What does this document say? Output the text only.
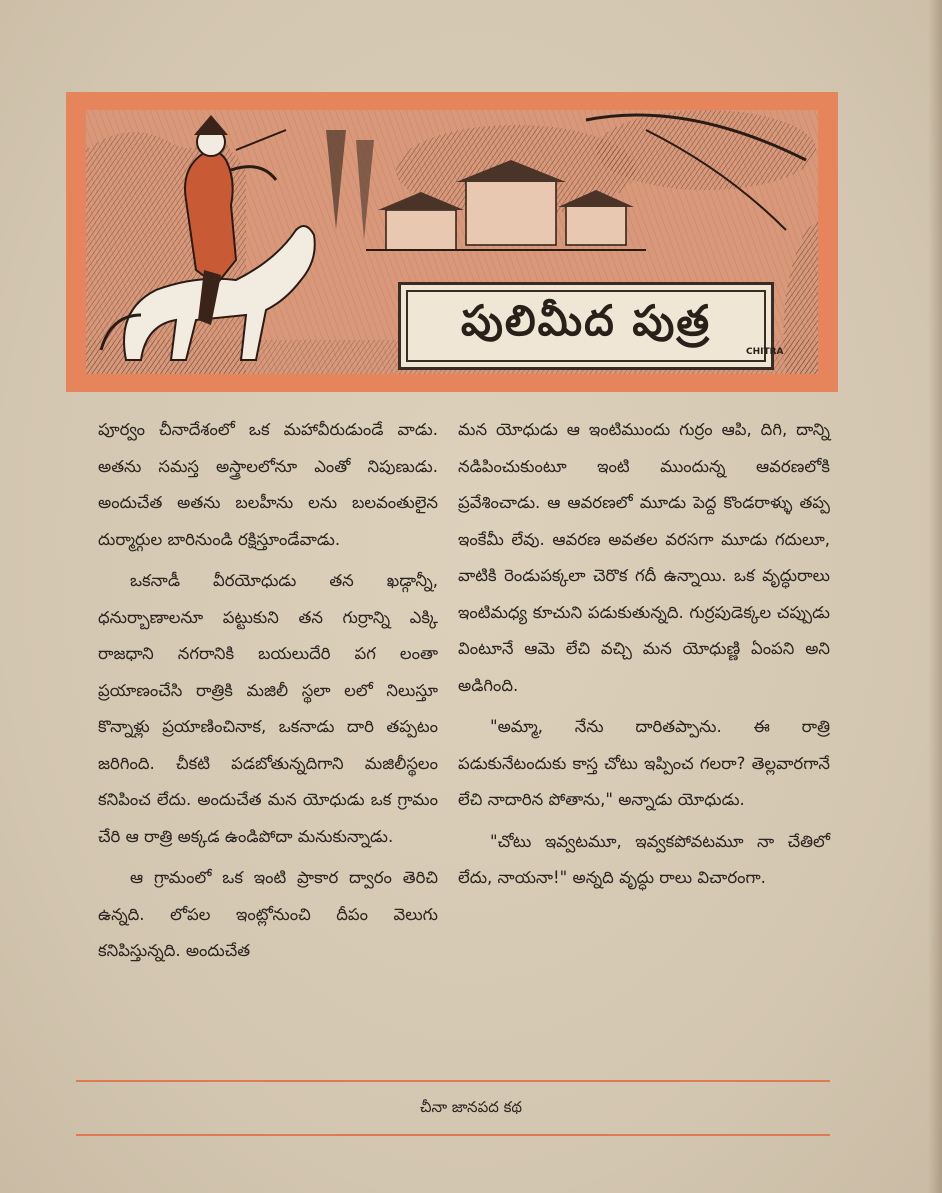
పులిమీద పుత్ర
CHITRA

పూర్వం చీనాదేశంలో ఒక మహావీరుడుండే వాడు. అతను సమస్త అస్త్రాలలోనూ ఎంతో నిపుణుడు. అందుచేత అతను బలహీను లను బలవంతులైన దుర్మార్గుల బారినుండి రక్షిస్తూండేవాడు.

ఒకనాడీ వీరయోధుడు తన ఖడ్గాన్నీ, ధనుర్బాణాలనూ పట్టుకుని తన గుర్రాన్ని ఎక్కి రాజధాని నగరానికి బయలుదేరి పగ లంతా ప్రయాణంచేసి రాత్రికి మజిలీ స్థలా లలో నిలుస్తూ కొన్నాళ్లు ప్రయాణించినాక, ఒకనాడు దారి తప్పటం జరిగింది. చీకటి పడబోతున్నదిగాని మజిలీస్థలం కనిపించ లేదు. అందుచేత మన యోధుడు ఒక గ్రామం చేరి ఆ రాత్రి అక్కడ ఉండిపోదా మనుకున్నాడు.

ఆ గ్రామంలో ఒక ఇంటి ప్రాకార ద్వారం తెరిచి ఉన్నది. లోపల ఇంట్లోనుంచి దీపం వెలుగు కనిపిస్తున్నది. అందుచేత

మన యోధుడు ఆ ఇంటిముందు గుర్రం ఆపి, దిగి, దాన్ని నడిపించుకుంటూ ఇంటి ముందున్న ఆవరణలోకి ప్రవేశించాడు. ఆ ఆవరణలో మూడు పెద్ద కొండరాళ్ళు తప్ప ఇంకేమీ లేవు. ఆవరణ అవతల వరసగా మూడు గదులూ, వాటికి రెండుపక్కలా చెరొక గదీ ఉన్నాయి. ఒక వృద్ధురాలు ఇంటిమధ్య కూచుని పడుకుతున్నది. గుర్రపుడెక్కల చప్పుడు వింటూనే ఆమె లేచి వచ్చి మన యోధుణ్ణి ఏంపని అని అడిగింది.

"అమ్మా, నేను దారితప్పాను. ఈ రాత్రి పడుకునేటందుకు కాస్త చోటు ఇప్పించ గలరా? తెల్లవారగానే లేచి నాదారిన పోతాను," అన్నాడు యోధుడు.

"చోటు ఇవ్వటమూ, ఇవ్వకపోవటమూ నా చేతిలో లేదు, నాయనా!" అన్నది వృద్ధు రాలు విచారంగా.

చీనా జానపద కథ
